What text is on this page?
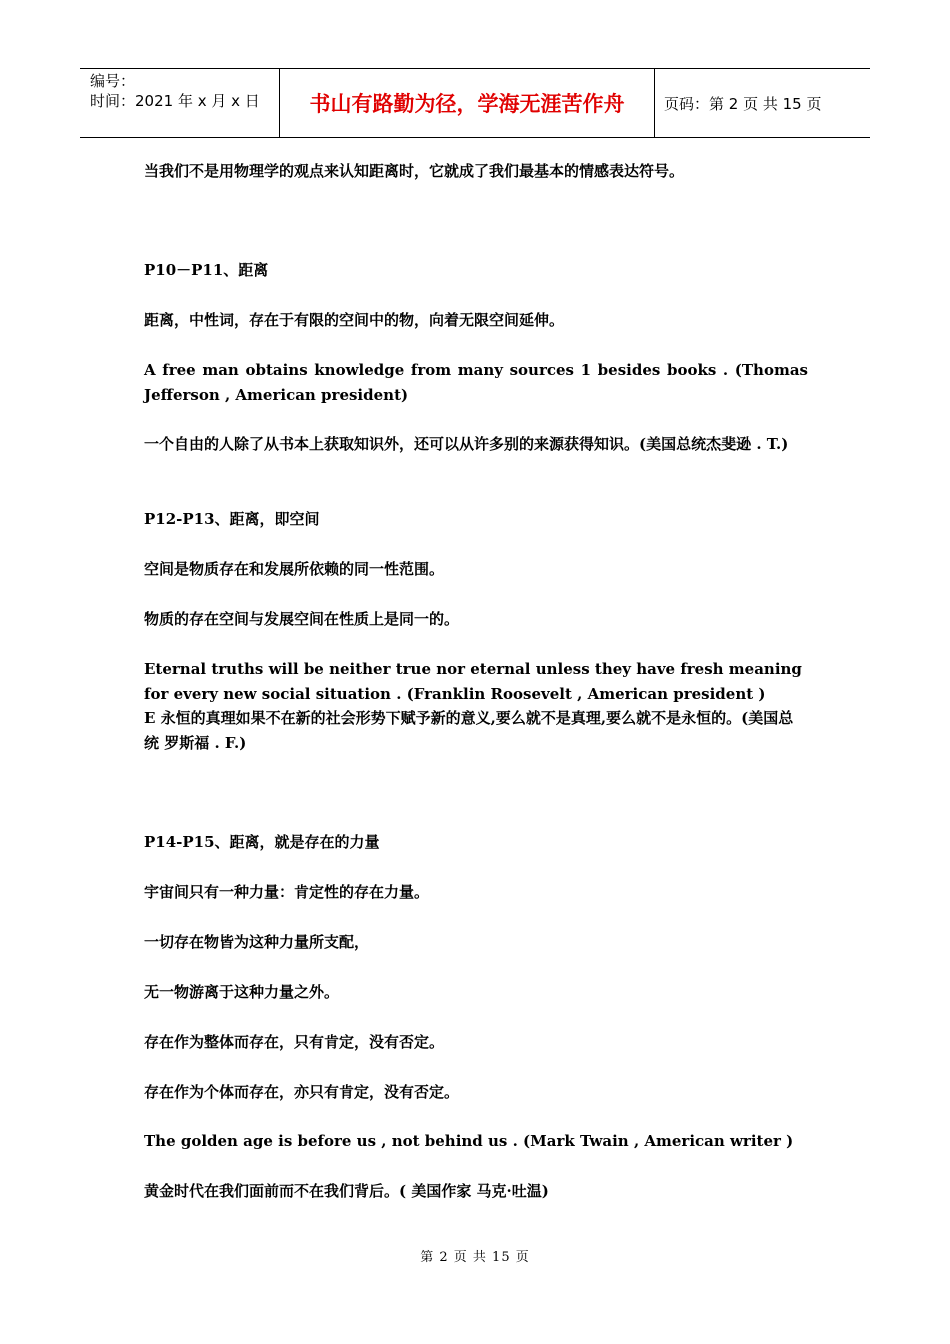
编号：
时间：2021 年 x 月 x 日	书山有路勤为径，学海无涯苦作舟	页码：第 2 页 共 15 页

当我们不是用物理学的观点来认知距离时，它就成了我们最基本的情感表达符号。

P10－P11、距离

距离，中性词，存在于有限的空间中的物，向着无限空间延伸。

A free man obtains knowledge from many sources 1 besides books . (Thomas Jefferson , American president)

一个自由的人除了从书本上获取知识外，还可以从许多别的来源获得知识。(美国总统杰斐逊 . T.)

P12-P13、距离，即空间

空间是物质存在和发展所依赖的同一性范围。

物质的存在空间与发展空间在性质上是同一的。

Eternal truths will be neither true nor eternal unless they have fresh meaning for every new social situation . (Franklin Roosevelt , American president )

E 永恒的真理如果不在新的社会形势下赋予新的意义,要么就不是真理,要么就不是永恒的。(美国总统 罗斯福 . F.)

P14-P15、距离，就是存在的力量

宇宙间只有一种力量：肯定性的存在力量。

一切存在物皆为这种力量所支配，

无一物游离于这种力量之外。

存在作为整体而存在，只有肯定，没有否定。

存在作为个体而存在，亦只有肯定，没有否定。

The golden age is before us , not behind us . (Mark Twain , American writer )

黄金时代在我们面前而不在我们背后。( 美国作家 马克·吐温)

第 2 页 共 15 页
